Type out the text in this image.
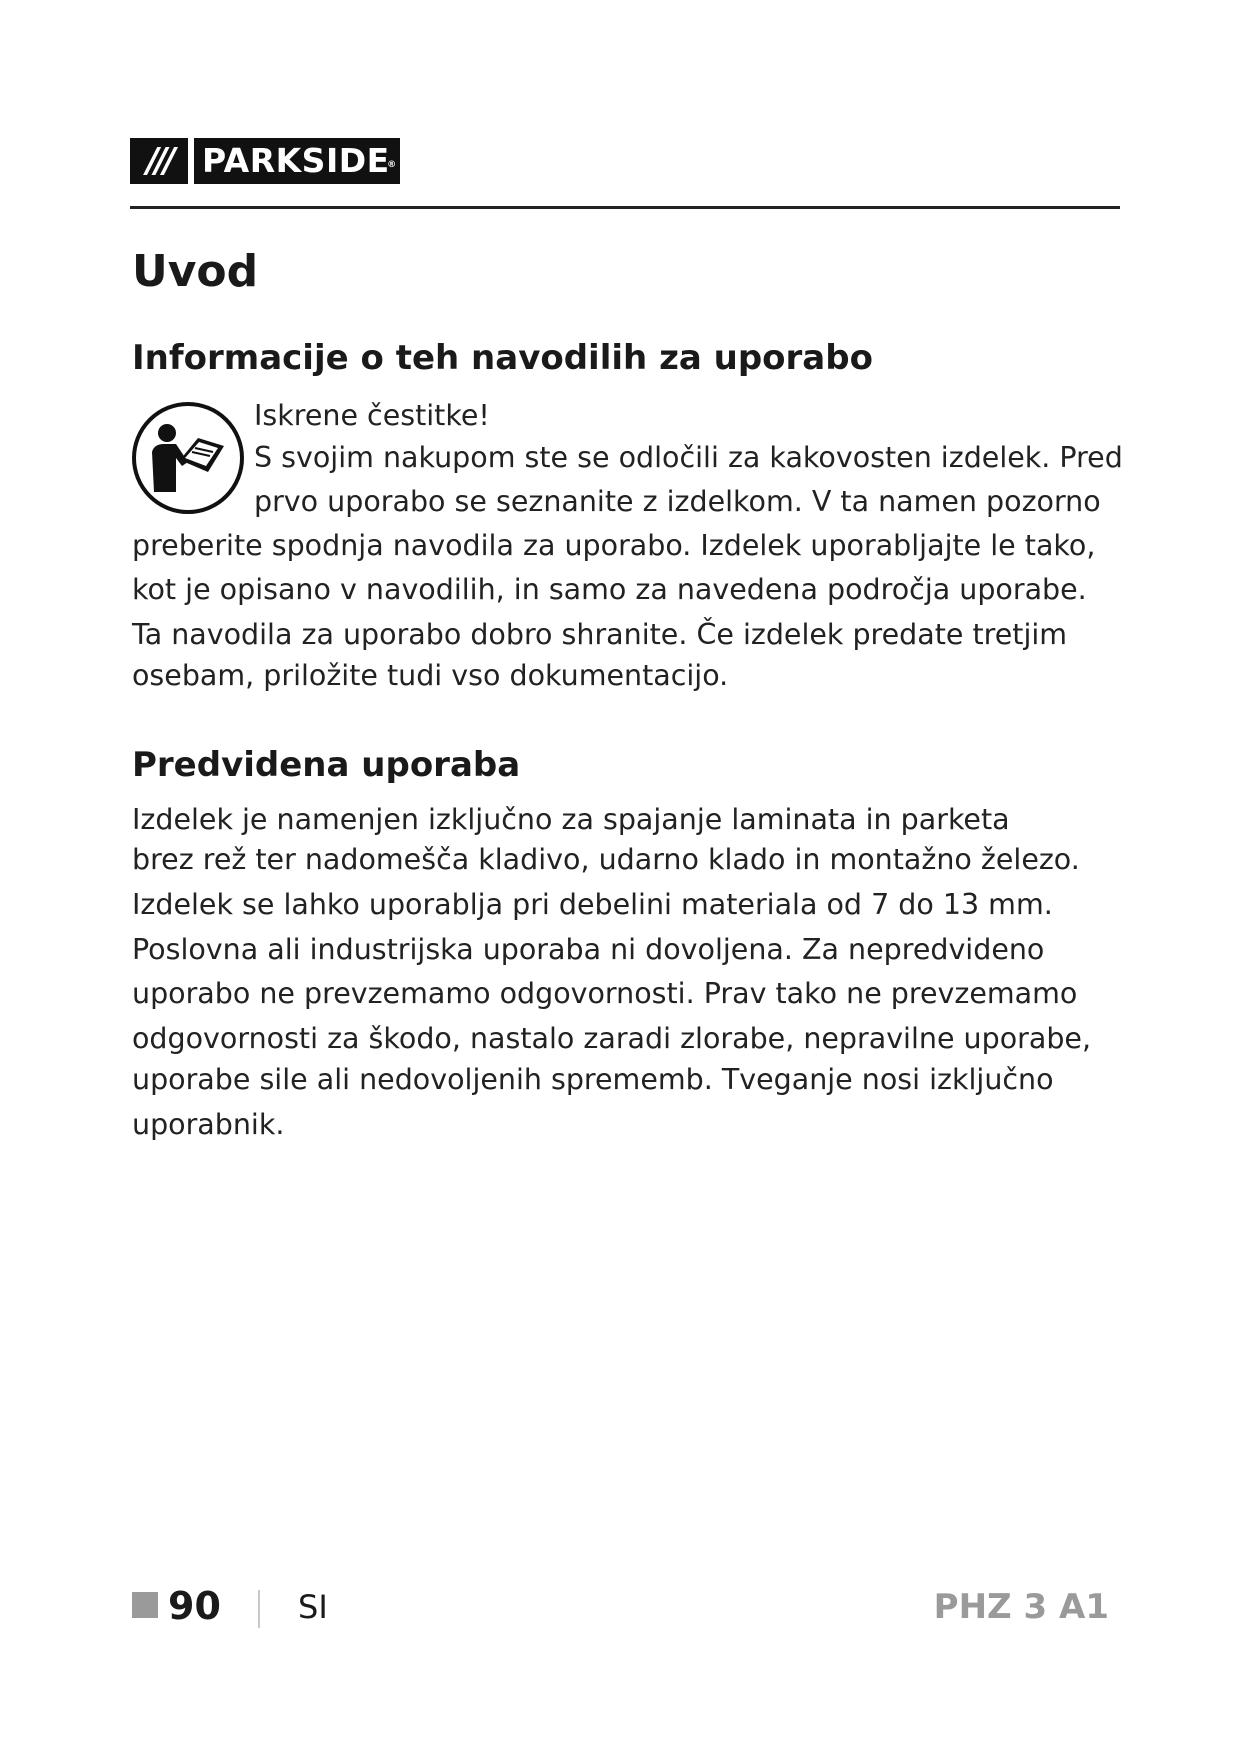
/// PARKSIDE
®
Uvod
Informacije o teh navodilih za uporabo
Iskrene čestitke!
S svojim nakupom ste se odločili za kakovosten izdelek. Pred
prvo uporabo se seznanite z izdelkom. V ta namen pozorno
preberite spodnja navodila za uporabo. Izdelek uporabljajte le tako,
kot je opisano v navodilih, in samo za navedena področja uporabe.
Ta navodila za uporabo dobro shranite. Če izdelek predate tretjim
osebam, priložite tudi vso dokumentacijo.
Predvidena uporaba
Izdelek je namenjen izključno za spajanje laminata in parketa
brez rež ter nadomešča kladivo, udarno klado in montažno železo.
Izdelek se lahko uporablja pri debelini materiala od 7 do 13 mm.
Poslovna ali industrijska uporaba ni dovoljena. Za nepredvideno
uporabo ne prevzemamo odgovornosti. Prav tako ne prevzemamo
odgovornosti za škodo, nastalo zaradi zlorabe, nepravilne uporabe,
uporabe sile ali nedovoljenih sprememb. Tveganje nosi izključno
uporabnik.
90 SI	PHZ 3 A1
